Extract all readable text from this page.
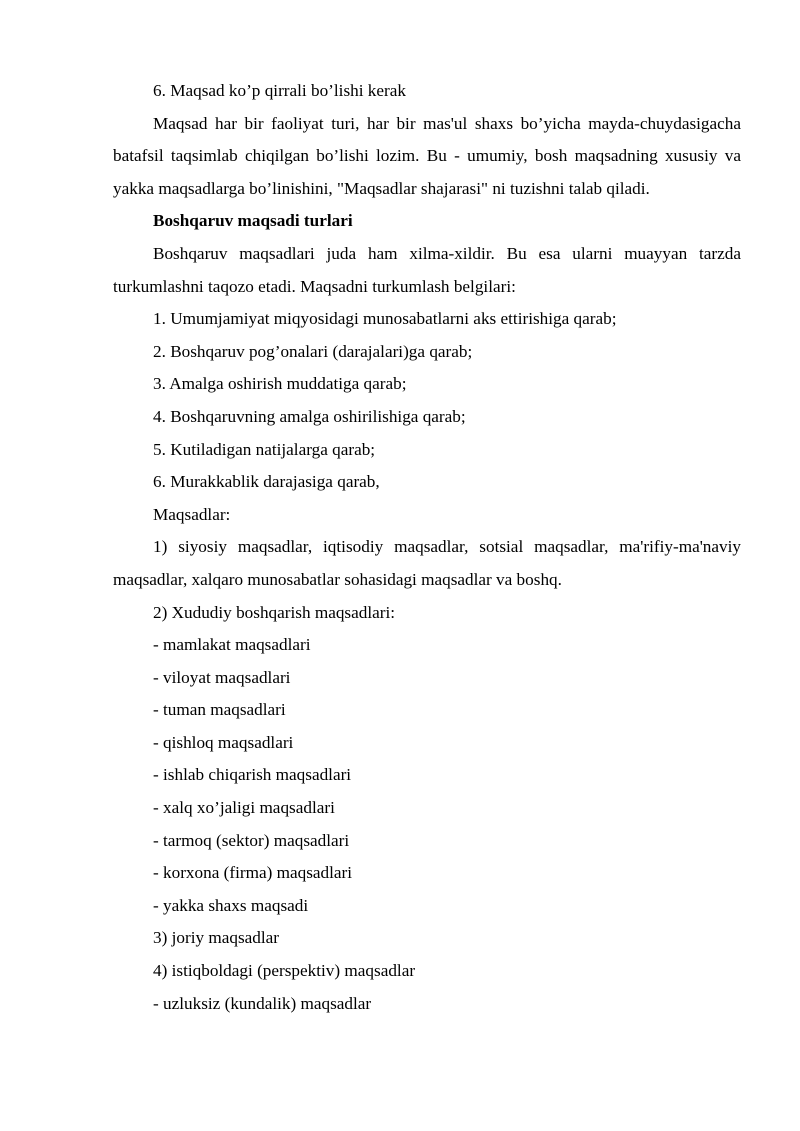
6. Maqsad ko’p qirrali bo’lishi kerak

Maqsad har bir faoliyat turi, har bir mas'ul shaxs bo’yicha mayda-chuydasigacha batafsil taqsimlab chiqilgan bo’lishi lozim. Bu - umumiy, bosh maqsadning xususiy va yakka maqsadlarga bo’linishini, "Maqsadlar shajarasi" ni tuzishni talab qiladi.

Boshqaruv maqsadi turlari

Boshqaruv maqsadlari juda ham xilma-xildir. Bu esa ularni muayyan tarzda turkumlashni taqozo etadi. Maqsadni turkumlash belgilari:

1. Umumjamiyat miqyosidagi munosabatlarni aks ettirishiga qarab;

2. Boshqaruv pog’onalari (darajalari)ga qarab;

3. Amalga oshirish muddatiga qarab;

4. Boshqaruvning amalga oshirilishiga qarab;

5. Kutiladigan natijalarga qarab;

6. Murakkablik darajasiga qarab,

Maqsadlar:

1) siyosiy maqsadlar, iqtisodiy maqsadlar, sotsial maqsadlar, ma'rifiy-ma'naviy maqsadlar, xalqaro munosabatlar sohasidagi maqsadlar va boshq.

2) Xududiy boshqarish maqsadlari:

- mamlakat maqsadlari

- viloyat maqsadlari

- tuman maqsadlari

- qishloq maqsadlari

- ishlab chiqarish maqsadlari

- xalq xo’jaligi maqsadlari

- tarmoq (sektor) maqsadlari

- korxona (firma) maqsadlari

- yakka shaxs maqsadi

3) joriy maqsadlar

4) istiqboldagi (perspektiv) maqsadlar

- uzluksiz (kundalik) maqsadlar
